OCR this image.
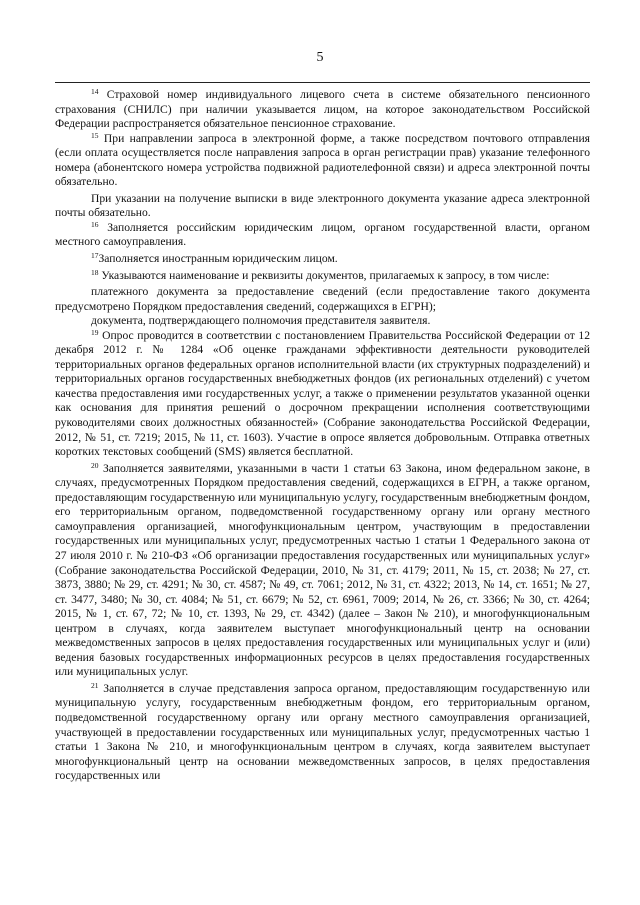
5

$^{14}$ Страховой номер индивидуального лицевого счета в системе обязательного пенсионного страхования (СНИЛС) при наличии указывается лицом, на которое законодательством Российской Федерации распространяется обязательное пенсионное страхование.

$^{15}$ При направлении запроса в электронной форме, а также посредством почтового отправления (если оплата осуществляется после направления запроса в орган регистрации прав) указание телефонного номера (абонентского номера устройства подвижной радиотелефонной связи) и адреса электронной почты обязательно.

При указании на получение выписки в виде электронного документа указание адреса электронной почты обязательно.

$^{16}$ Заполняется российским юридическим лицом, органом государственной власти, органом местного самоуправления.

$^{17}$Заполняется иностранным юридическим лицом.

$^{18}$ Указываются наименование и реквизиты документов, прилагаемых к запросу, в том числе:

платежного документа за предоставление сведений (если предоставление такого документа предусмотрено Порядком предоставления сведений, содержащихся в ЕГРН);

документа, подтверждающего полномочия представителя заявителя.

$^{19}$ Опрос проводится в соответствии с постановлением Правительства Российской Федерации от 12 декабря 2012 г. № 1284 «Об оценке гражданами эффективности деятельности руководителей территориальных органов федеральных органов исполнительной власти (их структурных подразделений) и территориальных органов государственных внебюджетных фондов (их региональных отделений) с учетом качества предоставления ими государственных услуг, а также о применении результатов указанной оценки как основания для принятия решений о досрочном прекращении исполнения соответствующими руководителями своих должностных обязанностей» (Собрание законодательства Российской Федерации, 2012, № 51, ст. 7219; 2015, № 11, ст. 1603). Участие в опросе является добровольным. Отправка ответных коротких текстовых сообщений (SMS) является бесплатной.

$^{20}$ Заполняется заявителями, указанными в части 1 статьи 63 Закона, ином федеральном законе, в случаях, предусмотренных Порядком предоставления сведений, содержащихся в ЕГРН, а также органом, предоставляющим государственную или муниципальную услугу, государственным внебюджетным фондом, его территориальным органом, подведомственной государственному органу или органу местного самоуправления организацией, многофункциональным центром, участвующим в предоставлении государственных или муниципальных услуг, предусмотренных частью 1 статьи 1 Федерального закона от 27 июля 2010 г. № 210-ФЗ «Об организации предоставления государственных или муниципальных услуг» (Собрание законодательства Российской Федерации, 2010, № 31, ст. 4179; 2011, № 15, ст. 2038; № 27, ст. 3873, 3880; № 29, ст. 4291; № 30, ст. 4587; № 49, ст. 7061; 2012, № 31, ст. 4322; 2013, № 14, ст. 1651; № 27, ст. 3477, 3480; № 30, ст. 4084; № 51, ст. 6679; № 52, ст. 6961, 7009; 2014, № 26, ст. 3366; № 30, ст. 4264; 2015, № 1, ст. 67, 72; № 10, ст. 1393, № 29, ст. 4342) (далее – Закон № 210), и многофункциональным центром в случаях, когда заявителем выступает многофункциональный центр на основании межведомственных запросов в целях предоставления государственных или муниципальных услуг и (или) ведения базовых государственных информационных ресурсов в целях предоставления государственных или муниципальных услуг.

$^{21}$ Заполняется в случае представления запроса органом, предоставляющим государственную или муниципальную услугу, государственным внебюджетным фондом, его территориальным органом, подведомственной государственному органу или органу местного самоуправления организацией, участвующей в предоставлении государственных или муниципальных услуг, предусмотренных частью 1 статьи 1 Закона № 210, и многофункциональным центром в случаях, когда заявителем выступает многофункциональный центр на основании межведомственных запросов, в целях предоставления государственных или
